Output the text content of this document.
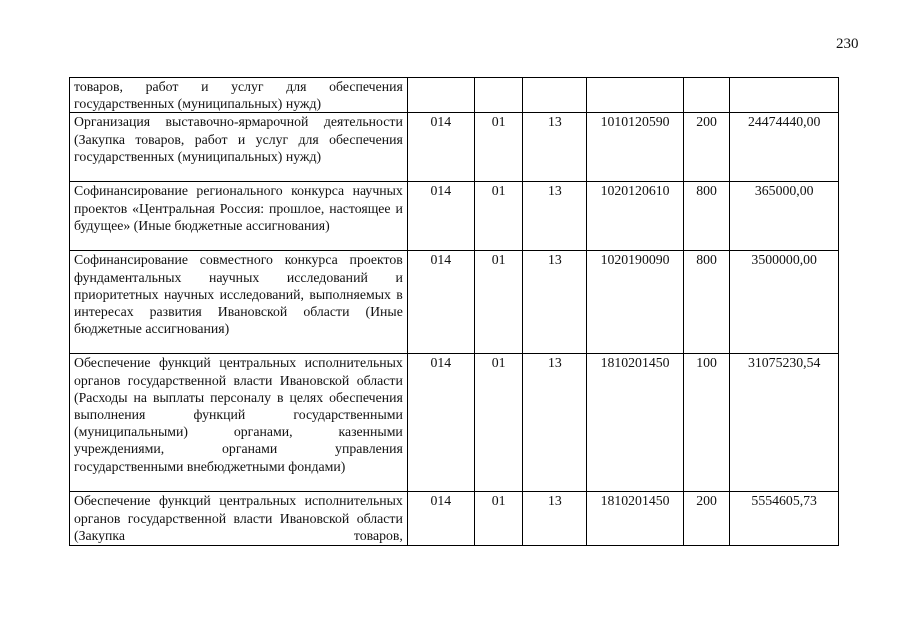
230
товаров, работ и услуг для обеспечения государственных (муниципальных) нужд)						
Организация выставочно-ярмарочной деятельности (Закупка товаров, работ и услуг для обеспечения государственных (муниципальных) нужд)	014	01	13	1010120590	200	24474440,00
Софинансирование регионального конкурса научных проектов «Центральная Россия: прошлое, настоящее и будущее» (Иные бюджетные ассигнования)	014	01	13	1020120610	800	365000,00
Софинансирование совместного конкурса проектов фундаментальных научных исследований и приоритетных научных исследований, выполняемых в интересах развития Ивановской области (Иные бюджетные ассигнования)	014	01	13	1020190090	800	3500000,00
Обеспечение функций центральных исполнительных органов государственной власти Ивановской области (Расходы на выплаты персоналу в целях обеспечения выполнения функций государственными (муниципальными) органами, казенными учреждениями, органами управления государственными внебюджетными фондами)	014	01	13	1810201450	100	31075230,54
Обеспечение функций центральных исполнительных органов государственной власти Ивановской области (Закупка товаров,	014	01	13	1810201450	200	5554605,73
